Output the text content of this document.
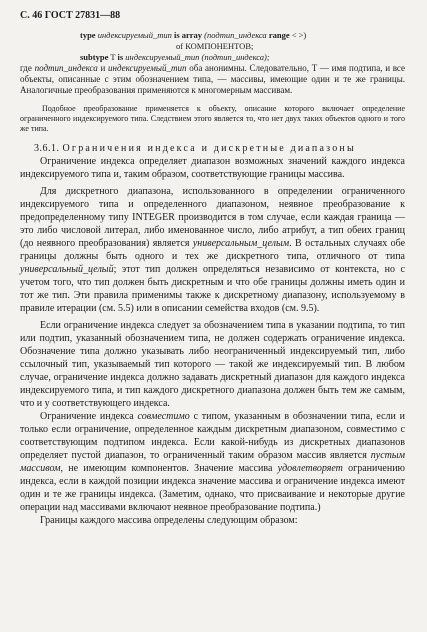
С. 46 ГОСТ 27831—88
type индексируемый_тип is array (подтип_индекса range < >)
of КОМПОНЕНТОВ;
subtype T is индексируемый_тип (подтип_индекса);

где подтип_индекса и индексируемый_тип оба анонимны. Следовательно, Т — имя подтипа, и все объекты, описанные с этим обозначением типа, — массивы, имеющие один и те же границы. Аналогичные преобразования применяются к многомерным массивам.

Подобное преобразование применяется к объекту, описание которого включает определение ограниченного индексируемого типа. Следствием этого является то, что нет двух таких объектов одного и того же типа.

3.6.1. Ограничения индекса и дискретные диапазоны

Ограничение индекса определяет диапазон возможных значений каждого индекса индексируемого типа и, таким образом, соответствующие границы массива.

Для дискретного диапазона, использованного в определении ограниченного индексируемого типа и определенного диапазоном, неявное преобразование к предопределенному типу INTEGER производится в том случае, если каждая граница — это либо числовой литерал, либо именованное число, либо атрибут, а тип обеих границ (до неявного преобразования) является универсальным_целым. В остальных случаях обе границы должны быть одного и тех же дискретного типа, отличного от типа универсальный_целый; этот тип должен определяться независимо от контекста, но с учетом того, что тип должен быть дискретным и что обе границы должны иметь один и тот же тип. Эти правила применимы также к дискретному диапазону, используемому в правиле итерации (см. 5.5) или в описании семейства входов (см. 9.5).

Если ограничение индекса следует за обозначением типа в указании подтипа, то тип или подтип, указанный обозначением типа, не должен содержать ограничение индекса. Обозначение типа должно указывать либо неограниченный индексируемый тип, либо ссылочный тип, указываемый тип которого — такой же индексируемый тип. В любом случае, ограничение индекса должно задавать дискретный диапазон для каждого индекса индексируемого типа, и тип каждого дискретного диапазона должен быть тем же самым, что и у соответствующего индекса.

Ограничение индекса совместимо с типом, указанным в обозначении типа, если и только если ограничение, определенное каждым дискретным диапазоном, совместимо с соответствующим подтипом индекса. Если какой-нибудь из дискретных диапазонов определяет пустой диапазон, то ограниченный таким образом массив является пустым массивом, не имеющим компонентов. Значение массива удовлетворяет ограничению индекса, если в каждой позиции индекса значение массива и ограничение индекса имеют один и те же границы индекса. (Заметим, однако, что присваивание и некоторые другие операции над массивами включают неявное преобразование подтипа.)

Границы каждого массива определены следующим образом:
